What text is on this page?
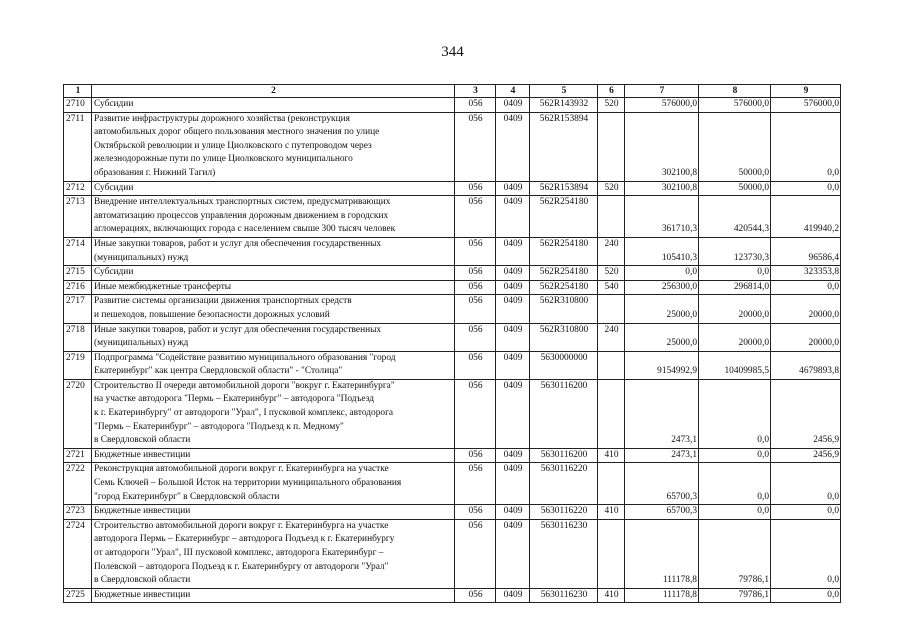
344
1	2	3	4	5	6	7	8	9
2710	Субсидии	056	0409	562R143932	520	576000,0	576000,0	576000,0
2711	Развитие инфраструктуры дорожного хозяйства (реконструкция
автомобильных дорог общего пользования местного значения по улице
Октябрьской революции и улице Циолковского с путепроводом через
железнодорожные пути по улице Циолковского муниципального
образования г. Нижний Тагил)	056	0409	562R153894		302100,8	50000,0	0,0
2712	Субсидии	056	0409	562R153894	520	302100,8	50000,0	0,0
2713	Внедрение интеллектуальных транспортных систем, предусматривающих
автоматизацию процессов управления дорожным движением в городских
агломерациях, включающих города с населением свыше 300 тысяч человек	056	0409	562R254180		361710,3	420544,3	419940,2
2714	Иные закупки товаров, работ и услуг для обеспечения государственных
(муниципальных) нужд	056	0409	562R254180	240	105410,3	123730,3	96586,4
2715	Субсидии	056	0409	562R254180	520	0,0	0,0	323353,8
2716	Иные межбюджетные трансферты	056	0409	562R254180	540	256300,0	296814,0	0,0
2717	Развитие системы организации движения транспортных средств
и пешеходов, повышение безопасности дорожных условий	056	0409	562R310800		25000,0	20000,0	20000,0
2718	Иные закупки товаров, работ и услуг для обеспечения государственных
(муниципальных) нужд	056	0409	562R310800	240	25000,0	20000,0	20000,0
2719	Подпрограмма "Содействие развитию муниципального образования "город
Екатеринбург" как центра Свердловской области" - "Столица"	056	0409	5630000000		9154992,9	10409985,5	4679893,8
2720	Строительство II очереди автомобильной дороги "вокруг г. Екатеринбурга"
на участке автодорога "Пермь – Екатеринбург" – автодорога "Подъезд
к г. Екатеринбургу" от автодороги "Урал", I пусковой комплекс, автодорога
"Пермь – Екатеринбург" – автодорога "Подъезд к п. Медному"
в Свердловской области	056	0409	5630116200		2473,1	0,0	2456,9
2721	Бюджетные инвестиции	056	0409	5630116200	410	2473,1	0,0	2456,9
2722	Реконструкция автомобильной дороги вокруг г. Екатеринбурга на участке
Семь Ключей – Большой Исток на территории муниципального образования
"город Екатеринбург" в Свердловской области	056	0409	5630116220		65700,3	0,0	0,0
2723	Бюджетные инвестиции	056	0409	5630116220	410	65700,3	0,0	0,0
2724	Строительство автомобильной дороги вокруг г. Екатеринбурга на участке
автодорога Пермь – Екатеринбург – автодорога Подъезд к г. Екатеринбургу
от автодороги "Урал", III пусковой комплекс, автодорога Екатеринбург –
Полевской – автодорога Подъезд к г. Екатеринбургу от автодороги "Урал"
в Свердловской области	056	0409	5630116230		111178,8	79786,1	0,0
2725	Бюджетные инвестиции	056	0409	5630116230	410	111178,8	79786,1	0,0
